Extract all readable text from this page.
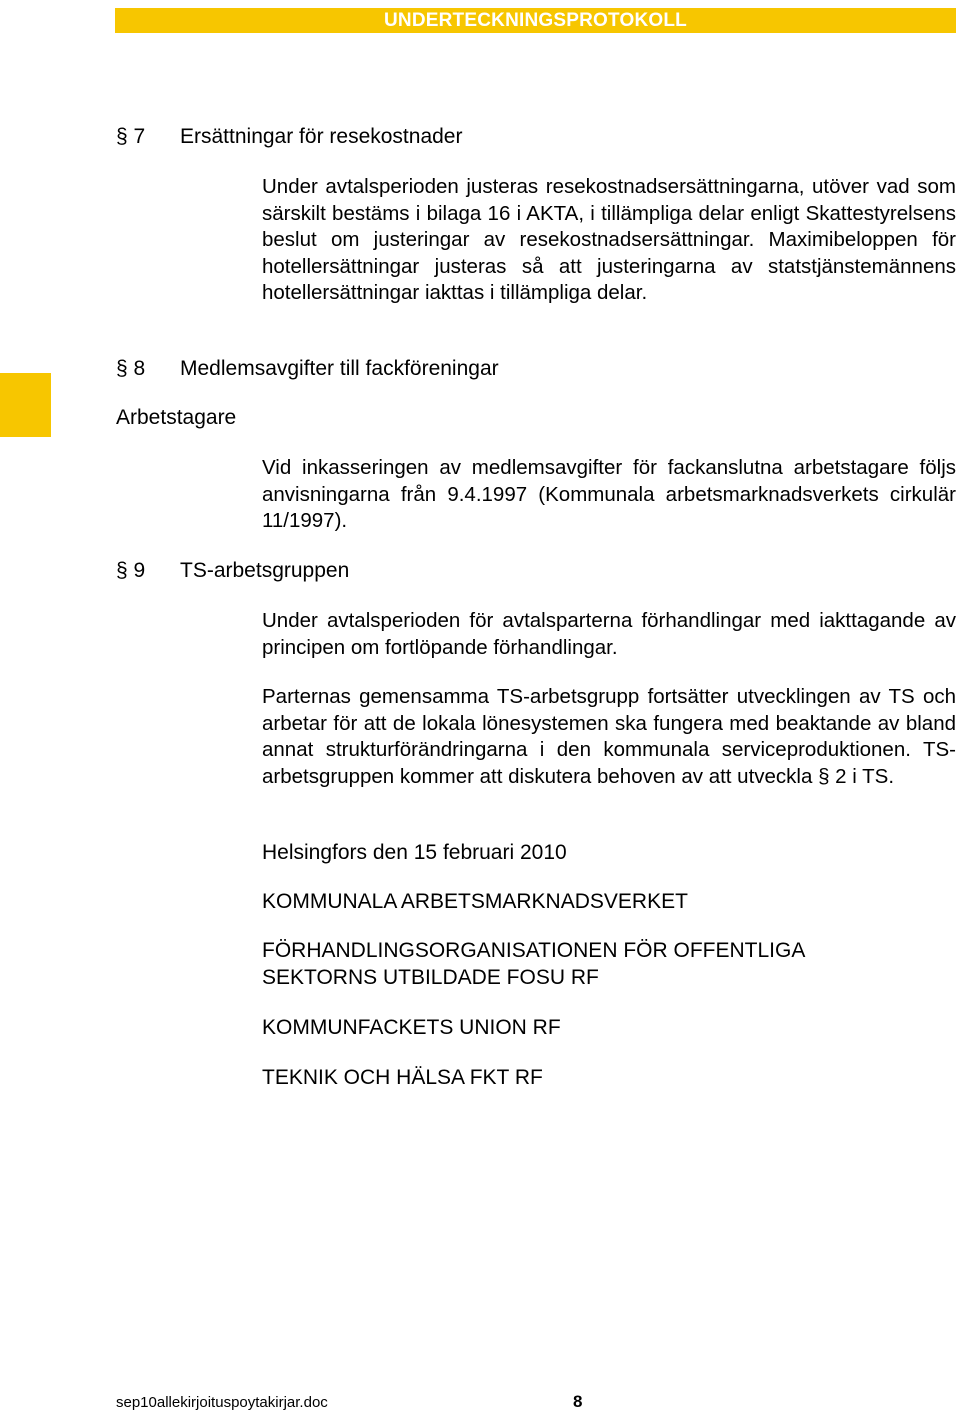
UNDERTECKNINGSPROTOKOLL
§ 7 Ersättningar för resekostnader

Under avtalsperioden justeras resekostnadsersättningarna, utöver vad som särskilt bestäms i bilaga 16 i AKTA, i tillämpliga delar enligt Skattestyrelsens beslut om justeringar av resekostnadsersättningar. Maximibeloppen för hotellersättningar justeras så att justeringarna av statstjänstemännens hotellersättningar iakttas i tillämpliga delar.

§ 8 Medlemsavgifter till fackföreningar
Arbetstagare

Vid inkasseringen av medlemsavgifter för fackanslutna arbetstagare följs anvisningarna från 9.4.1997 (Kommunala arbetsmarknadsverkets cirkulär 11/1997).

§ 9 TS-arbetsgruppen

Under avtalsperioden för avtalsparterna förhandlingar med iakttagande av principen om fortlöpande förhandlingar.

Parternas gemensamma TS-arbetsgrupp fortsätter utvecklingen av TS och arbetar för att de lokala lönesystemen ska fungera med beaktande av bland annat strukturförändringarna i den kommunala serviceproduktionen. TS-arbetsgruppen kommer att diskutera behoven av att utveckla § 2 i TS.

Helsingfors den 15 februari 2010
KOMMUNALA ARBETSMARKNADSVERKET
FÖRHANDLINGSORGANISATIONEN FÖR OFFENTLIGA
SEKTORNS UTBILDADE FOSU RF
KOMMUNFACKETS UNION RF
TEKNIK OCH HÄLSA FKT RF
sep10allekirjoituspoytakirjar.doc	8
